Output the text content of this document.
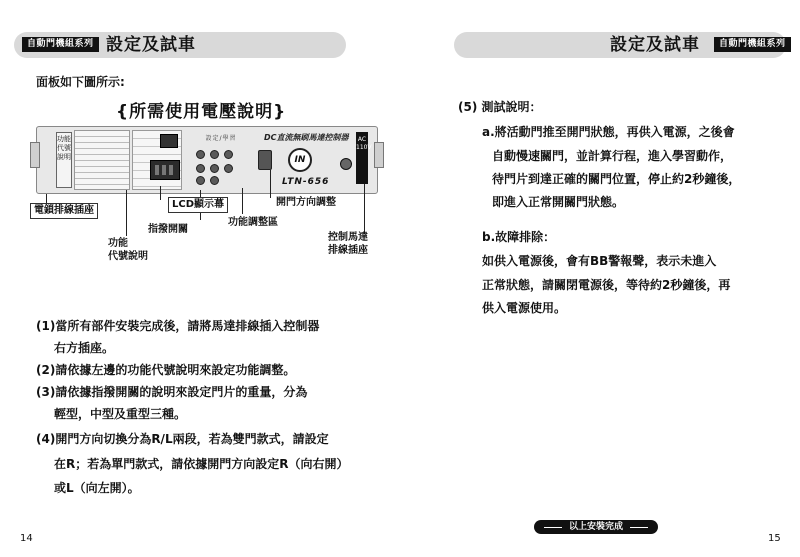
自動門機組系列 設定及試車
面板如下圖所示:
{所需使用電壓說明}
功能代號說明
設定/學習	DC直流無刷馬達控制器
IN
LTN-656
AC 110V
電鎖排線插座
LCD顯示幕	開門方向調整
指撥開關
功能調整區
功能
代號說明
控制馬達
排線插座
(1)當所有部件安裝完成後，請將馬達排線插入控制器
右方插座。
(2)請依據左邊的功能代號說明來設定功能調整。
(3)請依據指撥開關的說明來設定門片的重量，分為
輕型，中型及重型三種。
(4)開門方向切換分為R/L兩段，若為雙門款式，請設定
在R；若為單門款式，請依據開門方向設定R（向右開）
或L（向左開）。
14
設定及試車	自動門機組系列
(5) 測試說明：
a.將活動門推至開門狀態，再供入電源，之後會
自動慢速關門，並計算行程，進入學習動作，
待門片到達正確的關門位置，停止約2秒鐘後，
即進入正常開關門狀態。
b.故障排除：
如供入電源後，會有BB警報聲，表示未進入
正常狀態，請關閉電源後，等待約2秒鐘後，再
供入電源使用。
以上安裝完成
15
